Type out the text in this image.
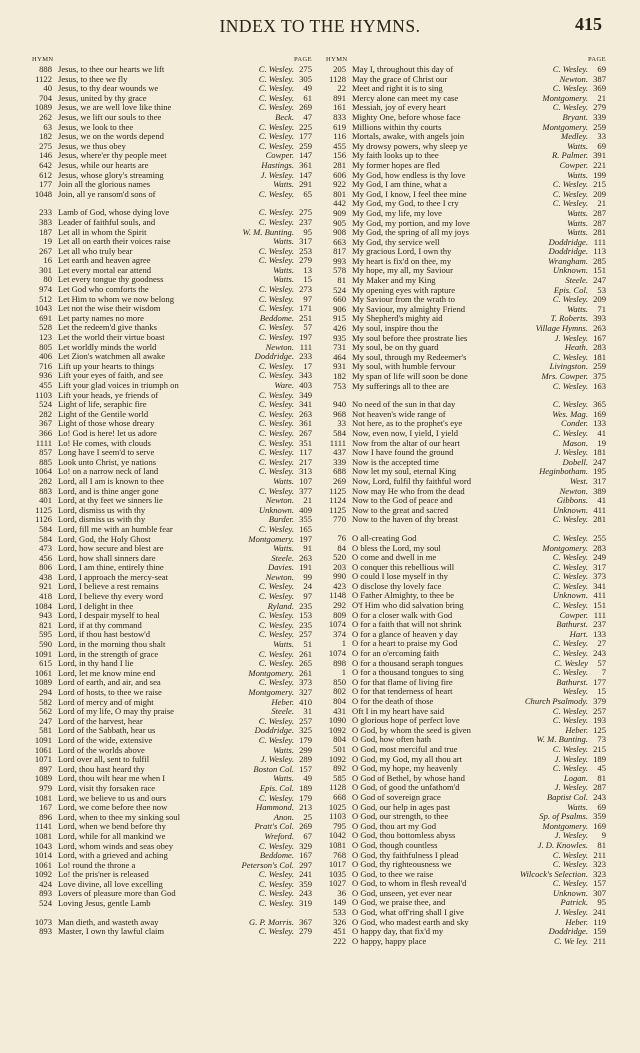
INDEX TO THE HYMNS.	415
HYMN	PAGE
888 Jesus, to thee our hearts we lift	C. Wesley. 275
1122 Jesus, to thee we fly	C. Wesley. 305
40 Jesus, to thy dear wounds we	C. Wesley.	49
704 Jesus, united by thy grace	C. Wesley.	61
1089 Jesus, we are well love like thine	C. Wesley. 269
262 Jesus, we lift our souls to thee	Beck.	47
63 Jesus, we look to thee	C. Wesley. 225
182 Jesus, we on the words depend	C. Wesley. 177
275 Jesus, we thus obey	C. Wesley. 259
146 Jesus, where'er thy people meet	Cowper. 147
642 Jesus, while our hearts are	Hastings. 361
612 Jesus, whose glory's streaming	J. Wesley. 147
177 Join all the glorious names	Watts. 291
1048 Join, all ye ransom'd sons of	C. Wesley.	65
233 Lamb of God, whose dying love	C. Wesley. 275
383 Leader of faithful souls, and	C. Wesley. 237
187 Let all in whom the Spirit	W. M. Bunting.	95
19 Let all on earth their voices raise	Watts. 317
267 Let all who truly bear	C. Wesley. 253
16 Let earth and heaven agree	C. Wesley. 279
301 Let every mortal ear attend	Watts.	13
80 Let every tongue thy goodness	Watts.	15
974 Let God who comforts the	C. Wesley. 273
512 Let Him to whom we now belong	C. Wesley.	97
1043 Let not the wise their wisdom	C. Wesley. 171
691 Let party names no more	Beddome. 251
528 Let the redeem'd give thanks	C. Wesley.	57
123 Let the world their virtue boast	C. Wesley. 197
805 Let worldly minds the world	Newton. 111
406 Let Zion's watchmen all awake	Doddridge. 233
716 Lift up your hearts to things	C. Wesley.	17
936 Lift your eyes of faith, and see	C. Wesley. 343
455 Lift your glad voices in triumph on	Ware. 403
1103 Lift your heads, ye friends of	C. Wesley. 349
524 Light of life, seraphic fire	C. Wesley. 341
282 Light of the Gentile world	C. Wesley. 263
367 Light of those whose dreary	C. Wesley. 361
366 Lo! God is here! let us adore	C. Wesley. 267
1111 Lo! He comes, with clouds	C. Wesley. 351
857 Long have I seem'd to serve	C. Wesley. 117
885 Look unto Christ, ye nations	C. Wesley. 217
1064 Lo! on a narrow neck of land	C. Wesley. 313
282 Lord, all I am is known to thee	Watts. 107
883 Lord, and is thine anger gone	C. Wesley. 377
401 Lord, at thy feet we sinners lie	Newton.	21
1125 Lord, dismiss us with thy	Unknown. 409
1126 Lord, dismiss us with thy	Burder. 355
584 Lord, fill me with an humble fear	C. Wesley. 165
584 Lord, God, the Holy Ghost	Montgomery. 197
473 Lord, how secure and blest are	Watts.	91
456 Lord, how shall sinners dare	Steele. 263
806 Lord, I am thine, entirely thine	Davies. 191
438 Lord, I approach the mercy-seat	Newton.	99
921 Lord, I believe a rest remains	C. Wesley.	24
418 Lord, I believe thy every word	C. Wesley.	97
1084 Lord, I delight in thee	Ryland. 235
943 Lord, I despair myself to heal	C. Wesley. 153
821 Lord, if at thy command	C. Wesley. 235
595 Lord, if thou hast bestow'd	C. Wesley. 257
590 Lord, in the morning thou shalt	Watts.	51
1091 Lord, in the strength of grace	C. Wesley. 261
615 Lord, in thy hand I lie	C. Wesley. 265
1061 Lord, let me know mine end	Montgomery. 261
1089 Lord of earth, and air, and sea	C. Wesley. 373
294 Lord of hosts, to thee we raise	Montgomery. 327
582 Lord of mercy and of might	Heber. 410
562 Lord of my life, O may thy praise	Steele.	31
247 Lord of the harvest, hear	C. Wesley. 257
581 Lord of the Sabbath, hear us	Doddridge. 325
1091 Lord of the wide, extensive	C. Wesley. 179
1061 Lord of the worlds above	Watts. 299
1071 Lord over all, sent to fulfil	J. Wesley. 289
897 Lord, thou hast heard thy	Boston Col. 157
1089 Lord, thou wilt hear me when I	Watts.	49
979 Lord, visit thy forsaken race	Epis. Col. 189
1081 Lord, we believe to us and ours	C. Wesley. 179
167 Lord, we come before thee now	Hammond. 213
896 Lord, when to thee my sinking soul	Anon.	25
1141 Lord, when we bend before thy	Pratt's Col. 269
1081 Lord, while for all mankind we	Wreford.	67
1043 Lord, whom winds and seas obey	C. Wesley. 329
1014 Lord, with a grieved and aching	Beddome. 167
1061 Lo! round the throne a	Peterson's Col. 297
1092 Lo! the pris'ner is released	C. Wesley. 241
424 Love divine, all love excelling	C. Wesley. 359
893 Lovers of pleasure more than God	C. Wesley. 243
524 Loving Jesus, gentle Lamb	C. Wesley. 319
1073 Man dieth, and wasteth away	G. P. Morris. 367
893 Master, I own thy lawful claim	C. Wesley. 279
HYMN	PAGE
205 May I, throughout this day of	C. Wesley.	69
1128 May the grace of Christ our	Newton. 387
22 Meet and right it is to sing	C. Wesley. 369
891 Mercy alone can meet my case	Montgomery.	21
161 Messiah, joy of every heart	C. Wesley. 279
833 Mighty One, before whose face	Bryant. 339
619 Millions within thy courts	Montgomery. 259
116 Mortals, awake, with angels join	Medley.	33
455 My drowsy powers, why sleep ye	Watts.	69
156 My faith looks up to thee	R. Palmer. 391
281 My former hopes are fled	Cowper. 221
606 My God, how endless is thy love	Watts. 199
922 My God, I am thine, what a	C. Wesley. 215
801 My God, I know, I feel thee mine	C. Wesley. 209
442 My God, my God, to thee I cry	C. Wesley.	21
909 My God, my life, my love	Watts. 287
905 My God, my portion, and my love	Watts. 287
908 My God, the spring of all my joys	Watts. 281
663 My God, thy service well	Doddridge. 111
817 My gracious Lord, I own thy	Doddridge. 113
993 My heart is fix'd on thee, my	Wrangham. 285
578 My hope, my all, my Saviour	Unknown. 151
81 My Maker and my King	Steele. 247
524 My opening eyes with rapture	Epis. Col.	53
660 My Saviour from the wrath to	C. Wesley. 209
906 My Saviour, my almighty Friend	Watts.	71
915 My Shepherd's mighty aid	T. Roberts. 393
426 My soul, inspire thou the	Village Hymns. 263
935 My soul before thee prostrate lies	J. Wesley. 167
731 My soul, be on thy guard	Heath. 283
464 My soul, through my Redeemer's	C. Wesley. 181
931 My soul, with humble fervour	Livingston. 259
182 My span of life will soon be done	Mrs. Cowper. 375
753 My sufferings all to thee are	C. Wesley. 163
940 No need of the sun in that day	C. Wesley. 365
968 Not heaven's wide range of	Wes. Mag. 169
33 Not here, as to the prophet's eye	Conder. 133
584 Now, even now, I yield, I yield	C. Wesley.	41
1111 Now from the altar of our heart	Mason.	19
437 Now I have found the ground	J. Wesley. 181
339 Now is the accepted time	Dobell. 247
688 Now let my soul, eternal King	Heginbotham. 195
269 Now, Lord, fulfil thy faithful word	West. 317
1125 Now may He who from the dead	Newton. 389
1124 Now to the God of peace and	Gibbons.	41
1125 Now to the great and sacred	Unknown. 411
770 Now to the haven of thy breast	C. Wesley. 281
76 O all-creating God	C. Wesley. 255
84 O bless the Lord, my soul	Montgomery. 283
520 O come and dwell in me	C. Wesley. 249
203 O conquer this rebellious will	C. Wesley. 317
990 O could I lose myself in thy	C. Wesley. 373
423 O disclose thy lovely face	C. Wesley. 341
1148 O Father Almighty, to thee be	Unknown. 411
292 O'f Him who did salvation bring	C. Wesley. 151
809 O for a closer walk with God	Cowper. 111
1074 O for a faith that will not shrink	Bathurst. 237
374 O for a glance of heaven y day	Hart. 133
1 O for a heart to praise my God	C. Wesley.	27
1074 O for an o'ercoming faith	C. Wesley. 243
898 O for a thousand seraph tongues	C. Wesley	57
1 O for a thousand tongues to sing	C. Wesley.	7
850 O for that flame of living fire	Bathurst. 177
802 O for that tenderness of heart	Wesley.	15
804 O for the death of those	Church Psalmody. 379
431 Oft I in my heart have said	C. Wesley. 257
1090 O glorious hope of perfect love	C. Wesley. 193
1092 O God, by whom the seed is given	Heber. 125
804 O God, how often hath	W. M. Bunting.	73
501 O God, most merciful and true	C. Wesley. 215
1092 O God, my God, my all thou art	J. Wesley. 189
892 O God, my hope, my heavenly	C. Wesley.	45
585 O God of Bethel, by whose hand	Logan.	81
1128 O God, of good the unfathom'd	J. Wesley. 287
668 O God of sovereign grace	Baptist Col. 243
1025 O God, our help in ages past	Watts.	69
1103 O God, our strength, to thee	Sp. of Psalms. 359
795 O God, thou art my God	Montgomery. 169
1042 O God, thou bottomless abyss	J. Wesley.	9
1081 O God, though countless	J. D. Knowles.	81
768 O God, thy faithfulness I plead	C. Wesley. 211
1017 O God, thy righteousness we	C. Wesley. 323
1035 O God, to thee we raise	Wilcock's Selection. 323
1027 O God, to whom in flesh reveal'd	C. Wesley. 157
36 O God, unseen, yet ever near	Unknown. 307
149 O God, we praise thee, and	Patrick.	95
533 O God, what off'ring shall I give	J. Wesley. 241
326 O God, who madest earth and sky	Heber. 119
451 O happy day, that fix'd my	Doddridge. 159
222 O happy, happy place	C. We ley. 211
